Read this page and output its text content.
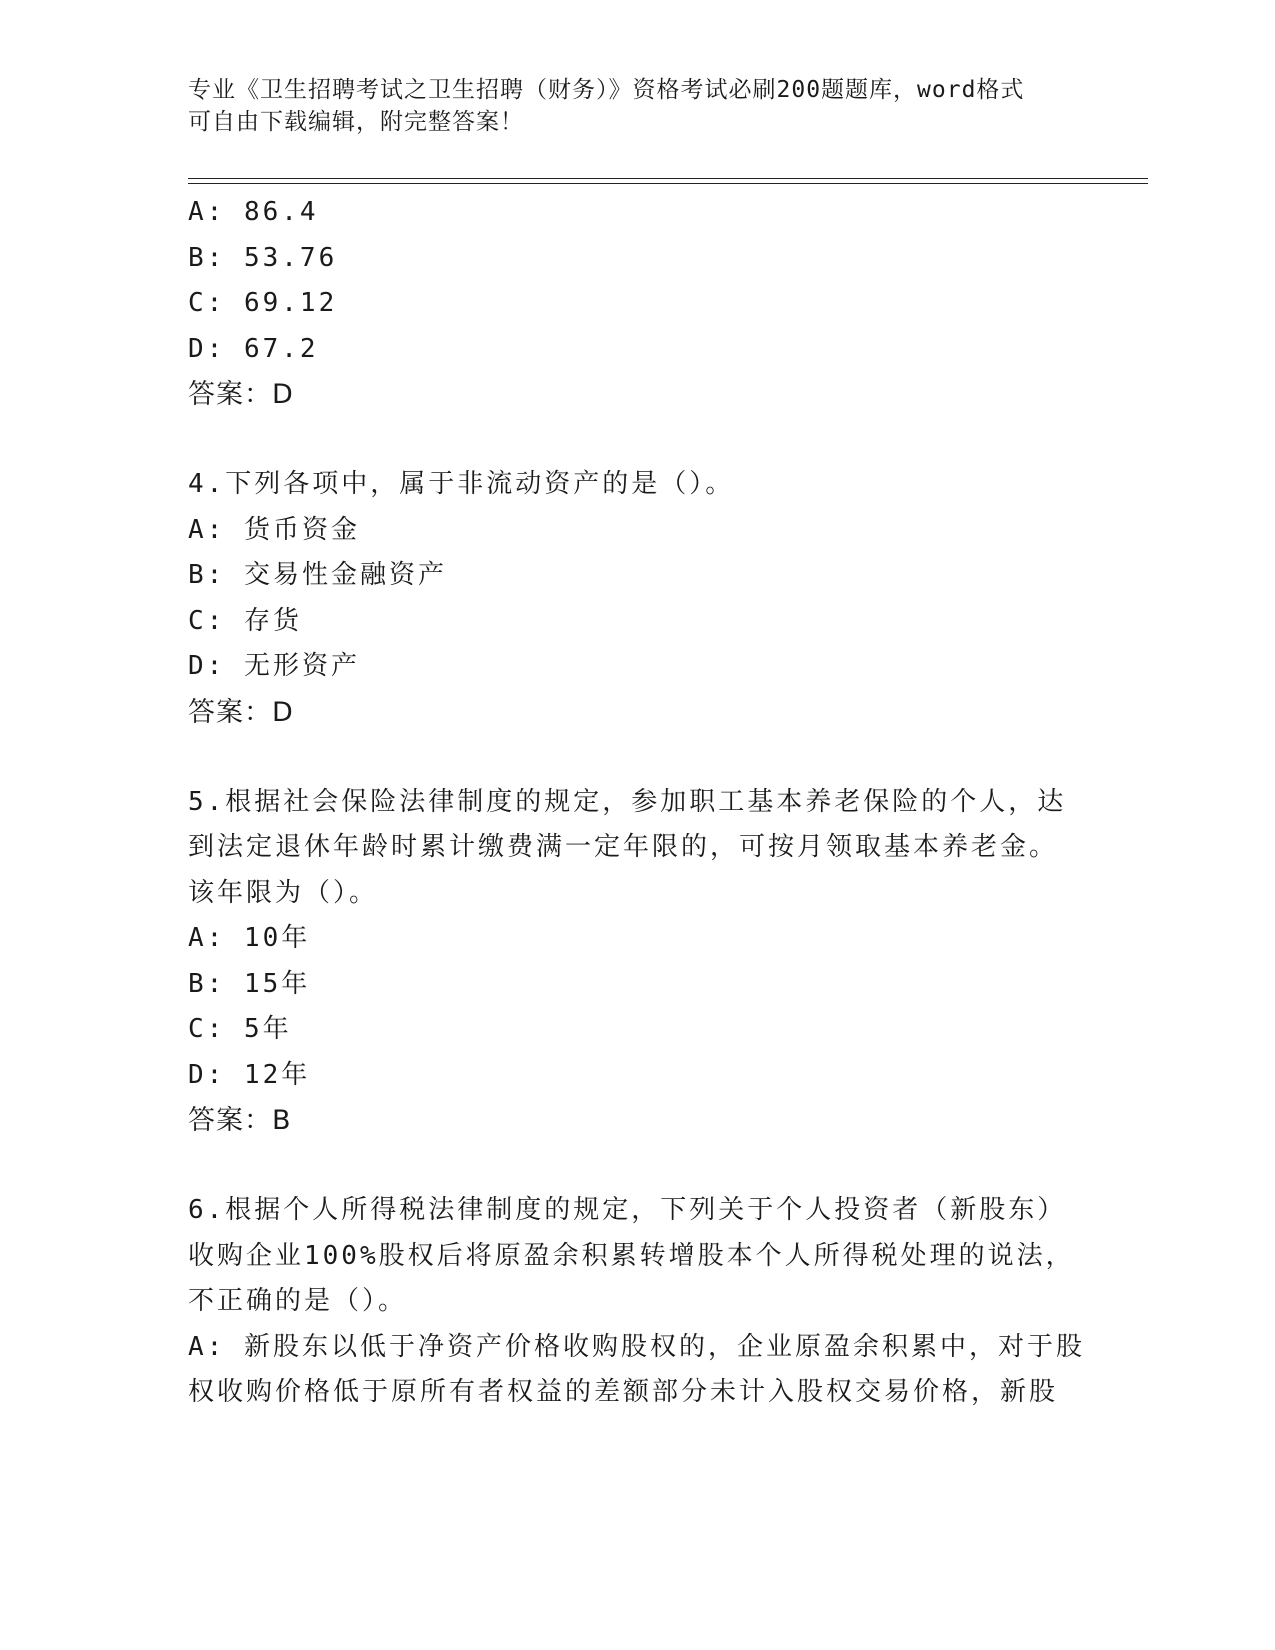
专业《卫生招聘考试之卫生招聘（财务）》资格考试必刷200题题库，word格式
可自由下载编辑，附完整答案！
A: 86.4
B: 53.76
C: 69.12
D: 67.2
答案：D
4.下列各项中，属于非流动资产的是（）。
A: 货币资金
B: 交易性金融资产
C: 存货
D: 无形资产
答案：D
5.根据社会保险法律制度的规定，参加职工基本养老保险的个人，达
到法定退休年龄时累计缴费满一定年限的，可按月领取基本养老金。
该年限为（）。
A: 10年
B: 15年
C: 5年
D: 12年
答案：B
6.根据个人所得税法律制度的规定，下列关于个人投资者（新股东）
收购企业100%股权后将原盈余积累转增股本个人所得税处理的说法，
不正确的是（）。
A: 新股东以低于净资产价格收购股权的，企业原盈余积累中，对于股
权收购价格低于原所有者权益的差额部分未计入股权交易价格，新股
